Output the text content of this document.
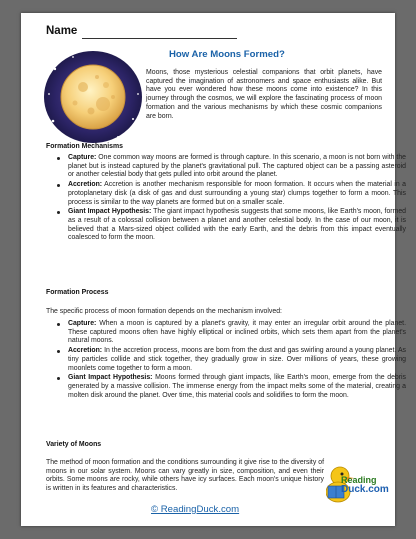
Name
How Are Moons Formed?

Moons, those mysterious celestial companions that orbit planets, have captured the imagination of astronomers and space enthusiasts alike. But have you ever wondered how these moons come into existence? In this journey through the cosmos, we will explore the fascinating process of moon formation and the various mechanisms by which these cosmic companions are born.

Formation Mechanisms
Capture: One common way moons are formed is through capture. In this scenario, a moon is not born with the planet but is instead captured by the planet's gravitational pull. The captured object can be a passing asteroid or another celestial body that gets pulled into orbit around the planet.
Accretion: Accretion is another mechanism responsible for moon formation. It occurs when the material in a protoplanetary disk (a disk of gas and dust surrounding a young star) clumps together to form a moon. This process is similar to the way planets are formed but on a smaller scale.
Giant Impact Hypothesis: The giant impact hypothesis suggests that some moons, like Earth's moon, formed as a result of a colossal collision between a planet and another celestial body. In the case of our moon, it is believed that a Mars-sized object collided with the early Earth, and the debris from this impact eventually coalesced to form the moon.
Formation Process

The specific process of moon formation depends on the mechanism involved:

Capture: When a moon is captured by a planet's gravity, it may enter an irregular orbit around the planet. These captured moons often have highly elliptical or inclined orbits, which sets them apart from the planet's natural moons.
Accretion: In the accretion process, moons are born from the dust and gas swirling around a young planet. As tiny particles collide and stick together, they gradually grow in size. Over millions of years, these growing moonlets come together to form a moon.
Giant Impact Hypothesis: Moons formed through giant impacts, like Earth's moon, emerge from the debris generated by a massive collision. The immense energy from the impact melts some of the material, creating a molten disk around the planet. Over time, this material cools and solidifies to form the moon.
Variety of Moons

The method of moon formation and the conditions surrounding it give rise to the diversity of moons in our solar system. Moons can vary greatly in size, composition, and even their orbits. Some moons are rocky, while others have icy surfaces. Each moon's unique history is written in its features and characteristics.

© ReadingDuck.com
Reading
Duck.com
